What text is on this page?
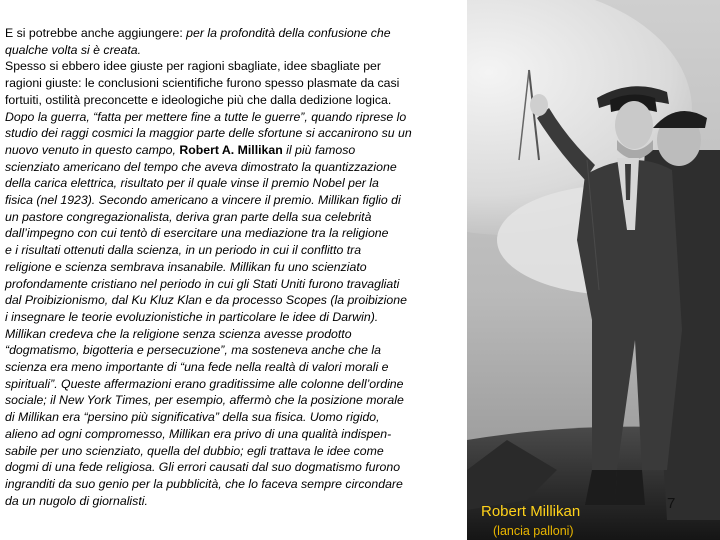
E si potrebbe anche aggiungere: per la profondità della confusione che
qualche volta si è creata.
Spesso si ebbero idee giuste per ragioni sbagliate, idee sbagliate per
ragioni giuste: le conclusioni scientifiche furono spesso plasmate da casi
fortuiti, ostilità preconcette e ideologiche più che dalla dedizione logica.
Dopo la guerra, “fatta per mettere fine a tutte le guerre”, quando riprese lo
studio dei raggi cosmici la maggior parte delle sfortune si accanirono su un
nuovo venuto in questo campo, Robert A. Millikan il più famoso
scienziato americano del tempo che aveva dimostrato la quantizzazione
della carica elettrica, risultato per il quale vinse il premio Nobel per la
fisica (nel 1923). Secondo americano a vincere il premio. Millikan figlio di
un pastore congregazionalista, deriva gran parte della sua celebrità
dall’impegno con cui tentò di esercitare una mediazione tra la religione
e i risultati ottenuti dalla scienza, in un periodo in cui il conflitto tra
religione e scienza sembrava insanabile. Millikan fu uno scienziato
profondamente cristiano nel periodo in cui gli Stati Uniti furono travagliati
dal Proibizionismo, dal Ku Kluz Klan e da processo Scopes (la proibizione
i insegnare le teorie evoluzionistiche in particolare le idee di Darwin).
Millikan credeva che la religione senza scienza avesse prodotto
“dogmatismo, bigotteria e persecuzione”, ma sosteneva anche che la
scienza era meno importante di “una fede nella realtà di valori morali e
spirituali”. Queste affermazioni erano graditissime alle colonne dell’ordine
sociale; il New York Times, per esempio, affermò che la posizione morale
di Millikan era “persino più significativa” della sua fisica. Uomo rigido,
alieno ad ogni compromesso, Millikan era privo di una qualità indispen-
sabile per uno scienziato, quella del dubbio; egli trattava le idee come
dogmi di una fede religiosa. Gli errori causati dal suo dogmatismo furono
ingranditi da suo genio per la pubblicità, che lo faceva sempre circondare
da un nugolo di giornalisti.
Robert Millikan
(lancia palloni)
7
